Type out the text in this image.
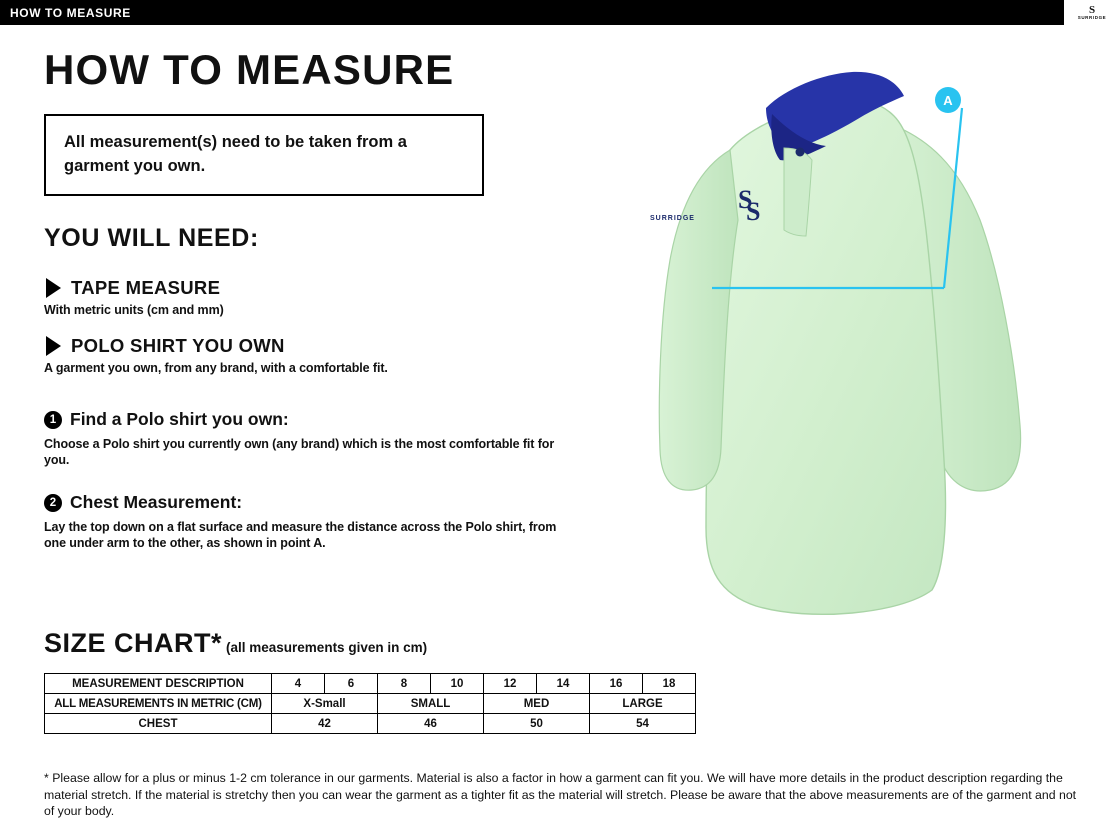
HOW TO MEASURE	S
SURRIDGE
HOW TO MEASURE
All measurement(s) need to be taken from a garment you own.
YOU WILL NEED:
TAPE MEASURE
With metric units (cm and mm)
POLO SHIRT YOU OWN
A garment you own, from any brand, with a comfortable fit.
1 Find a Polo shirt you own:
Choose a Polo shirt you currently own (any brand) which is the most comfortable fit for you.
2 Chest Measurement:
Lay the top down on a flat surface and measure the distance across the Polo shirt, from one under arm to the other, as shown in point A.
S
S
SURRIDGE
A
SIZE CHART* (all measurements given in cm)
MEASUREMENT DESCRIPTION	4	6	8	10	12	14	16	18
ALL MEASUREMENTS IN METRIC (CM)	X-Small		SMALL		MED		LARGE	
CHEST	42		46		50		54	
* Please allow for a plus or minus 1-2 cm tolerance in our garments. Material is also a factor in how a garment can fit you. We will have more details in the product description regarding the material stretch. If the material is stretchy then you can wear the garment as a tighter fit as the material will stretch. Please be aware that the above measurements are of the garment and not of your body.
